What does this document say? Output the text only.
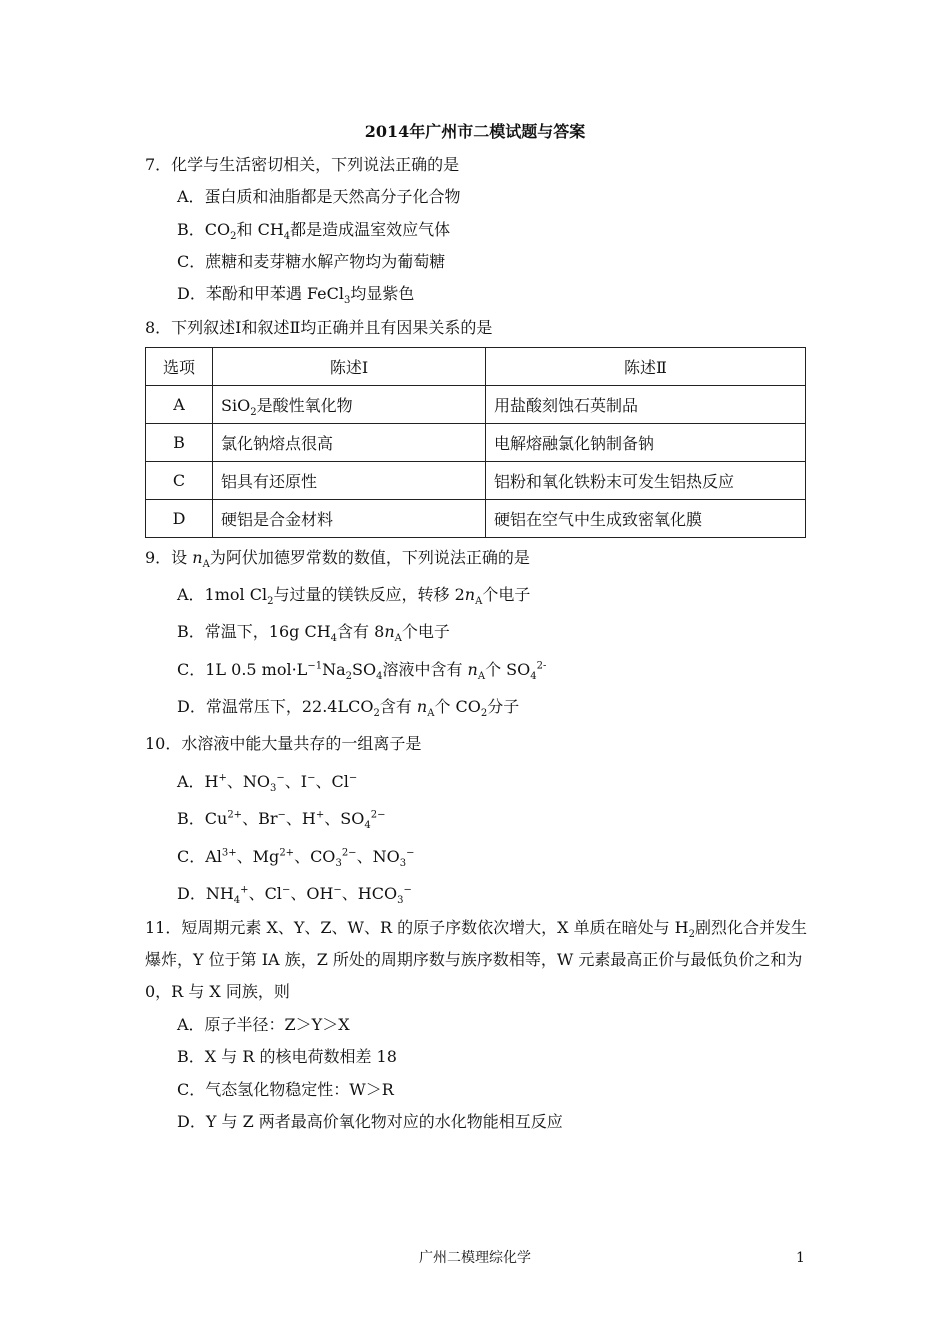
2014年广州市二模试题与答案
7．化学与生活密切相关，下列说法正确的是
A．蛋白质和油脂都是天然高分子化合物
B．$CO_2$和 $CH_4$都是造成温室效应气体
C．蔗糖和麦芽糖水解产物均为葡萄糖
D．苯酚和甲苯遇 FeCl$_3$均显紫色
8．下列叙述Ⅰ和叙述Ⅱ均正确并且有因果关系的是
选项	陈述Ⅰ	陈述Ⅱ
A	SiO$_2$是酸性氧化物	用盐酸刻蚀石英制品
B	氯化钠熔点很高	电解熔融氯化钠制备钠
C	铝具有还原性	铝粉和氧化铁粉末可发生铝热反应
D	硬铝是合金材料	硬铝在空气中生成致密氧化膜
9．设 $n_A$为阿伏加德罗常数的数值，下列说法正确的是
A．1mol $Cl_2$与过量的镁铁反应，转移 $2n_A$个电子
B．常温下，16g $CH_4$含有 $8n_A$个电子
C．1L 0.5 $mol\cdot L^{-1}Na_2SO_4$溶液中含有 $n_A$个 $SO_4^{2-}$
D．常温常压下，$22.4LCO_2$含有 $n_A$个 $CO_2$分子
10．水溶液中能大量共存的一组离子是
A．H+、$NO_3^-$、I−、Cl−
B．$Cu^{2+}$、Br−、H+、$SO_4^{2-}$
C．$Al^{3+}$、$Mg^{2+}$、$CO_3^{2-}$、$NO_3^-$
D．$NH_4^+$、Cl−、OH−、$HCO_3^-$
11．短周期元素 X、Y、Z、W、R 的原子序数依次增大，X 单质在暗处与 $H_2$剧烈化合并发生爆炸，Y 位于第 IA 族，Z 所处的周期序数与族序数相等，W 元素最高正价与最低负价之和为 0，R 与 X 同族，则
A．原子半径：Z＞Y＞X
B．X 与 R 的核电荷数相差 18
C．气态氢化物稳定性：W＞R
D．Y 与 Z 两者最高价氧化物对应的水化物能相互反应
广州二模理综化学	1
